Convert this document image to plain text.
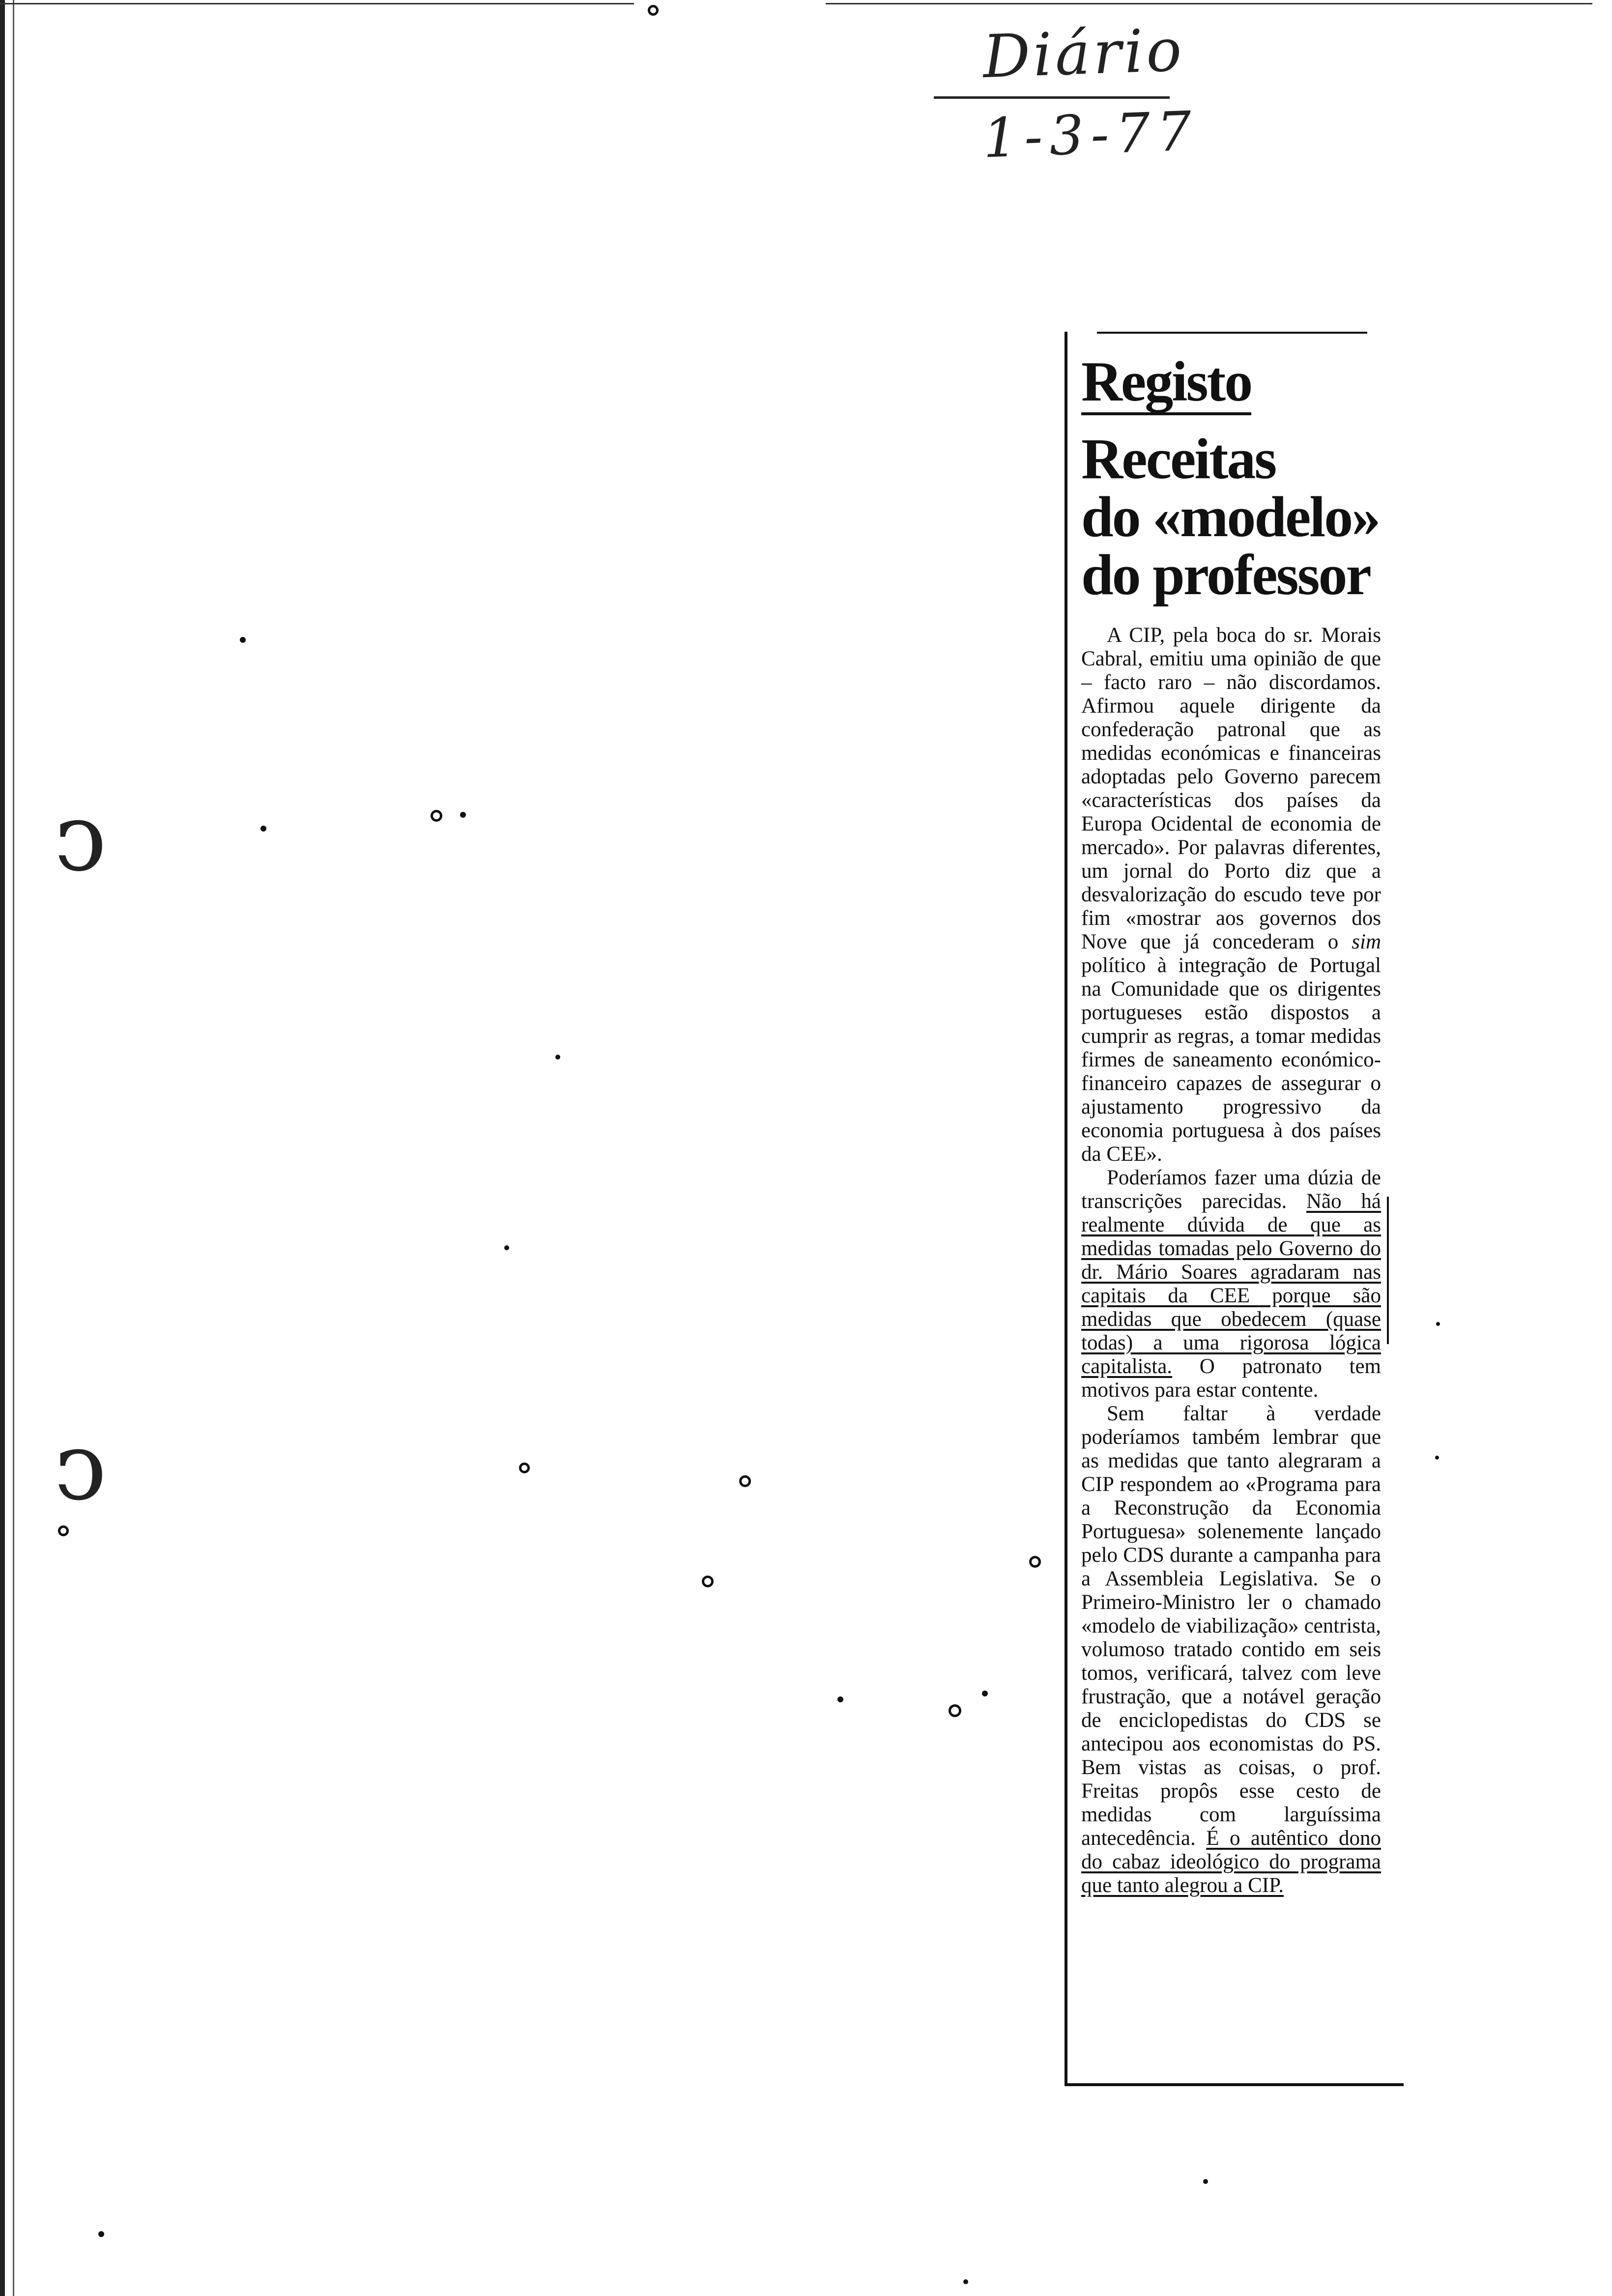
Diário
1-3-77
ↄ
ↄ
Registo
Receitas
do «modelo»
do professor

A CIP, pela boca do sr. Morais Cabral, emitiu uma opinião de que – facto raro – não discordamos. Afirmou aquele dirigente da confederação patronal que as medidas económicas e financeiras adoptadas pelo Governo parecem «características dos países da Europa Ocidental de economia de mercado». Por palavras diferentes, um jornal do Porto diz que a desvalorização do escudo teve por fim «mostrar aos governos dos Nove que já concederam o sim político à integração de Portugal na Comunidade que os dirigentes portugueses estão dispostos a cumprir as regras, a tomar medidas firmes de saneamento económico-financeiro capazes de assegurar o ajustamento progressivo da economia portuguesa à dos países da CEE».

Poderíamos fazer uma dúzia de transcrições parecidas. Não há realmente dúvida de que as medidas tomadas pelo Governo do dr. Mário Soares agradaram nas capitais da CEE porque são medidas que obedecem (quase todas) a uma rigorosa lógica capitalista. O patronato tem motivos para estar contente.

Sem faltar à verdade poderíamos também lembrar que as medidas que tanto alegraram a CIP respondem ao «Programa para a Reconstrução da Economia Portuguesa» solenemente lançado pelo CDS durante a campanha para a Assembleia Legislativa. Se o Primeiro-Ministro ler o chamado «modelo de viabilização» centrista, volumoso tratado contido em seis tomos, verificará, talvez com leve frustração, que a notável geração de enciclopedistas do CDS se antecipou aos economistas do PS. Bem vistas as coisas, o prof. Freitas propôs esse cesto de medidas com larguíssima antecedência. É o autêntico dono do cabaz ideológico do programa que tanto alegrou a CIP.
